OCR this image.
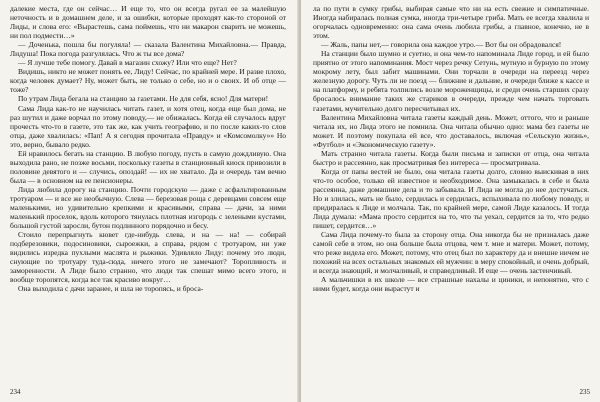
далекие места, где он сейчас… И еще то, что он всегда ругал ее за малейшую неточность и в домашнем деле, и за ошибки, которые проходят как-то стороной от Лиды, и слова его: «Вырастешь, сама поймешь, что ни макарон сварить не можешь, ни пол подмести…»

— Доченька, пошла бы погуляла! — сказала Валентина Михайловна.— Правда, Лидуша! Пока погода разгулялась. Что ж ты все дома?

— Я лучше тебе помогу. Давай в магазин схожу? Или что еще? Нет?

Видишь, никто не может понять ее, Лиду! Сейчас, по крайней мере. И разве плохо, когда человек думает? Ну, может быть, не только о себе, но и о своих. И об отце — тоже?

По утрам Лида бегала на станцию за газетами. Не для себя, ясно! Для матери!

Сама Лида как-то не научилась читать газет, и хотя отец, когда еще был дома, не раз шутил и даже ворчал по этому поводу,— не обижалась. Когда ей случалось вдруг прочесть что-то в газете, это так же, как учить географию, и по после каких-то слов отца, даже хвалилась: «Пап! А я сегодня прочитала «Правду» и «Комсомолку»» Но это, верно, бывало редко.

Ей нравилось бегать на станцию. В любую погоду, пусть в самую дождливую. Она выходила рано, не позже восьми, поскольку газеты в станционный киоск привозили в половине девятого и — случись, опоздай! — их не хватало. Да и очередь там вечно была — в основном на ее пенсионеры.

Лида любила дорогу на станцию. Почти городскую — даже с асфальтированным тротуаром — и все же необычную. Слева — березовая роща с деревцами совсем еще маленькими, но удивительно крепкими и красивыми, справа — дачи, за ними маленький проселок, вдоль которого тянулась плотная изгородь с зелеными кустами, большой густой заросли, бутон подлинного порядочно и бесу.

Стоило перепрыгнуть кювет где-нибудь слева, и на — на! — собирай подберезовики, подосиновики, сыроежки, а справа, рядом с тротуаром, ни уже видились изредка пухлыми маслята и рыжики. Удивляло Лиду: почему это люди, снующие по тротуару туда-сюда, ничего этого не замечают? Торопливость и заморенности. А Лиде было странно, что люди так спешат мимо всего этого, и вообще торопятся, когда все так красиво вокруг…

Она выходила с дачи заранее, и шла не торопясь, и броса-

234

ла по пути в сумку грибы, выбирая самые что ни на есть свежие и симпатичные. Иногда набиралась полная сумка, иногда три-четыре гриба. Мать ее всегда хвалила и огорчалась одновременно: она сама очень любила грибы, а главное, конечно, не в этом.

— Жаль, папы нет,— говорила она каждое утро.— Вот бы он обрадовался!

На станции было шумно и суетно, и она чем-то напоминала Лиде город, и ей было приятно от этого напоминания. Мост через речку Сетунь, мутную и бурную по этому мокрому лету, был забит машинами. Они торчали в очереди на переезд через железную дорогу. Чуть ли не поезд — ближние и дальние, и очереди ближе к кассе и на платформу, и ребята толпились возле мороженщицы, и среди очень старших сразу бросалось внимание таких же стариков в очереди, прежде чем начать торговать газетами, мучительно долго пересчитывал их.

Валентина Михайловна читала газеты каждый день. Может, оттого, что и раньше читала их, но Лида этого не помнила. Она читала обычно одно: мама без газеты не может. И поэтому покупала ей все, что доставалось, включая «Сельскую жизнь», «Футбол» и «Экономическую газету».

Мать странно читала газеты. Когда были письма и записки от отца, она читала быстро и рассеянно, как просматривая без интереса — просматривала.

Когда от папы вестей не было, она читала газеты долго, словно выискивая в них что-то особое, только ей известное и необходимое. Она замыкалась в себе и была рассеянна, даже домашние дела и то забывала. И Лида не могла до нее достучаться. Но и злилась, мать не было, сердилась и сердилась, вспыхивала по любому поводу, и придиралась к Лиде и молчала. Так, по крайней мере, самой Лиде казалось. И тогда Лида думала: «Мама просто сердится на то, что ты уехал, сердится за то, что редко пишет, сердится…»

Сама Лида почему-то была за сторону отца. Она никогда бы не призналась даже самой себе в этом, но она больше была отцова, чем т. мне и матери. Может, потому, что реже видела его. Может, потому, что отец был по характеру да и внешне ничем не похожий на всех остальных знакомых ей мужчин: в меру спокойный, и очень добрый, и всегда знающий, и молчаливый, и справедливый. И еще — очень застенчивый.

А мальчишки в их школе — все страшные нахалы и циники, и непонятно, что с ними будет, когда они вырастут и

235
